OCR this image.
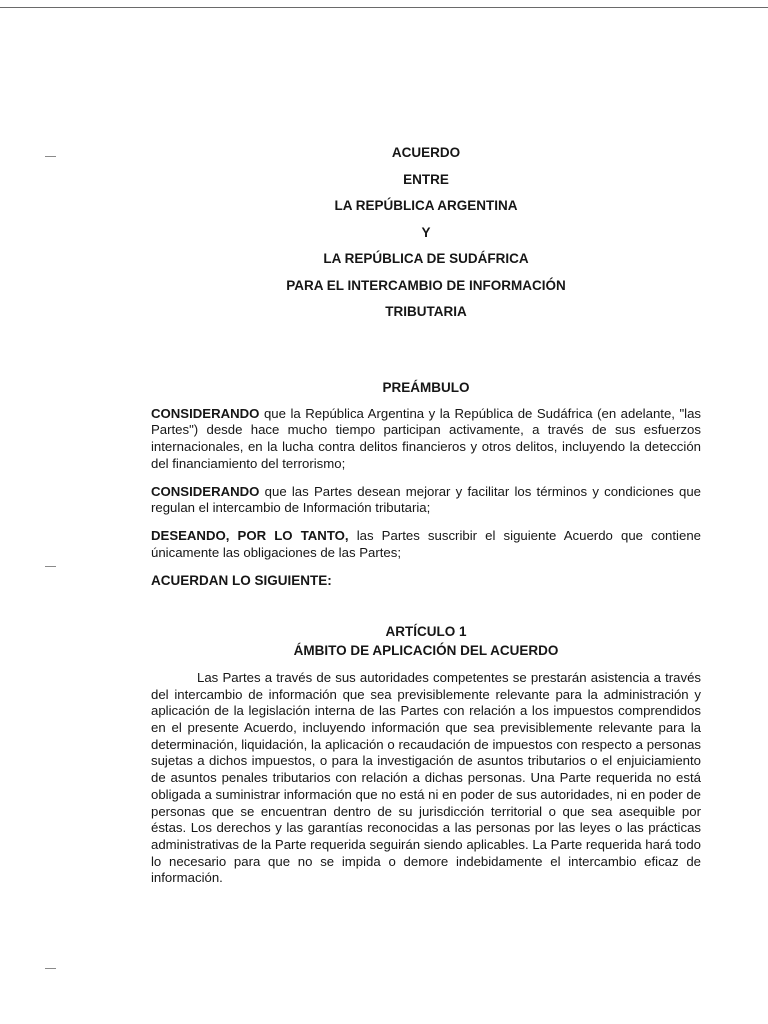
ACUERDO
ENTRE
LA REPÚBLICA ARGENTINA
Y
LA REPÚBLICA DE SUDÁFRICA
PARA EL INTERCAMBIO DE INFORMACIÓN
TRIBUTARIA
PREÁMBULO

CONSIDERANDO que la República Argentina y la República de Sudáfrica (en adelante, "las Partes") desde hace mucho tiempo participan activamente, a través de sus esfuerzos internacionales, en la lucha contra delitos financieros y otros delitos, incluyendo la detección del financiamiento del terrorismo;

CONSIDERANDO que las Partes desean mejorar y facilitar los términos y condiciones que regulan el intercambio de Información tributaria;

DESEANDO, POR LO TANTO, las Partes suscribir el siguiente Acuerdo que contiene únicamente las obligaciones de las Partes;

ACUERDAN LO SIGUIENTE:
ARTÍCULO 1
ÁMBITO DE APLICACIÓN DEL ACUERDO

Las Partes a través de sus autoridades competentes se prestarán asistencia a través del intercambio de información que sea previsiblemente relevante para la administración y aplicación de la legislación interna de las Partes con relación a los impuestos comprendidos en el presente Acuerdo, incluyendo información que sea previsiblemente relevante para la determinación, liquidación, la aplicación o recaudación de impuestos con respecto a personas sujetas a dichos impuestos, o para la investigación de asuntos tributarios o el enjuiciamiento de asuntos penales tributarios con relación a dichas personas. Una Parte requerida no está obligada a suministrar información que no está ni en poder de sus autoridades, ni en poder de personas que se encuentran dentro de su jurisdicción territorial o que sea asequible por éstas. Los derechos y las garantías reconocidas a las personas por las leyes o las prácticas administrativas de la Parte requerida seguirán siendo aplicables. La Parte requerida hará todo lo necesario para que no se impida o demore indebidamente el intercambio eficaz de información.
